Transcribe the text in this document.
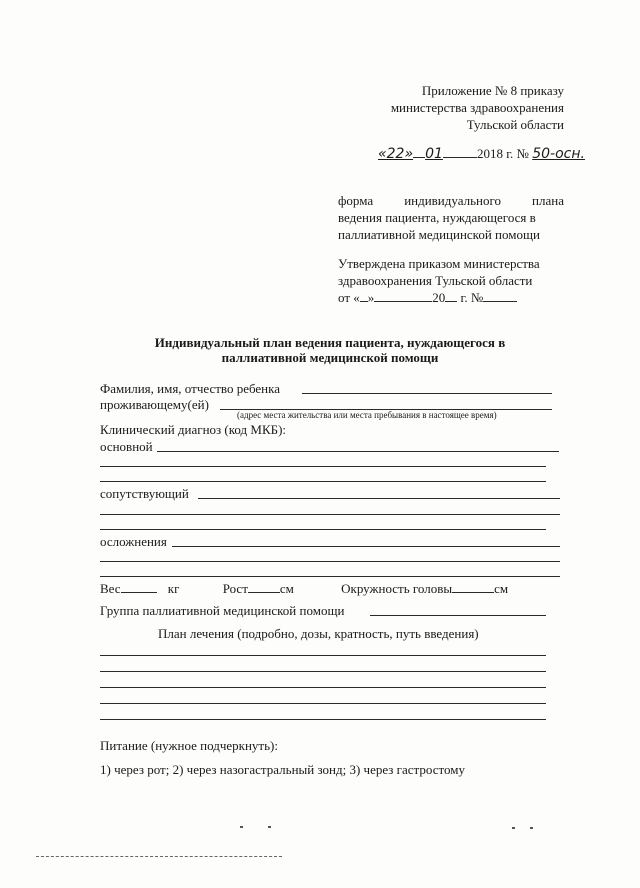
Приложение № 8 приказу
министерства здравоохранения
Тульской области
«22» 01	2018 г. № 50-осн.
форма индивидуального плана
ведения пациента, нуждающегося в
паллиативной медицинской помощи
Утверждена приказом министерства
здравоохранения Тульской области
от « »	20 г. №
Индивидуальный план ведения пациента, нуждающегося в
паллиативной медицинской помощи
Фамилия, имя, отчество ребенка
проживающему(ей)
(адрес места жительства или места пребывания в настоящее время)
Клинический диагноз (код МКБ):
основной
сопутствующий
осложнения
Вес	кг	Рост см	Окружность головы	см
Группа паллиативной медицинской помощи
План лечения (подробно, дозы, кратность, путь введения)
Питание (нужное подчеркнуть):
1) через рот; 2) через назогастральный зонд; 3) через гастростому
